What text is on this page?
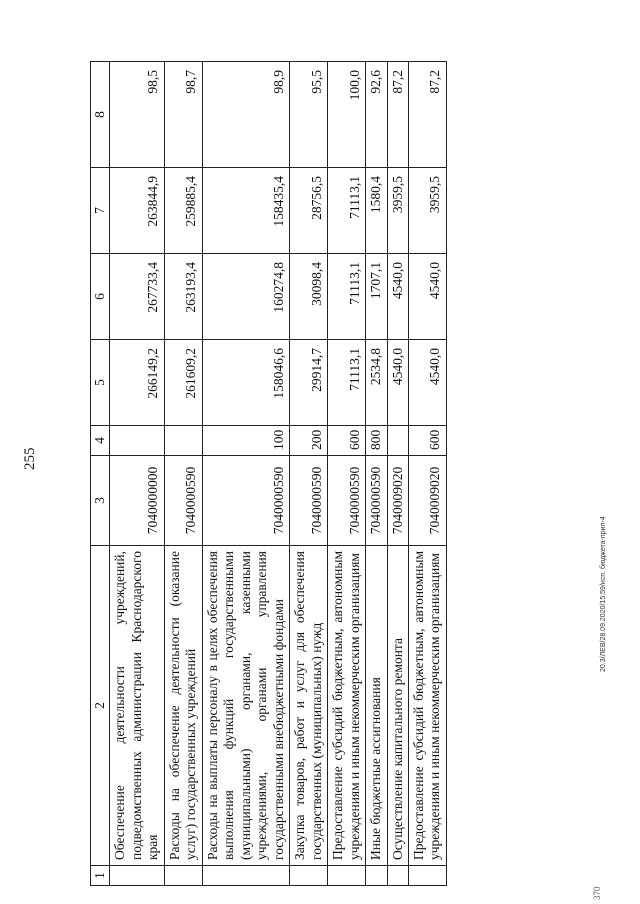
255
1	2	3	4	5	6	7	8
	Обеспечение деятельности учреждений, подведомственных администрации Краснодарского края	7040000000		266149,2	267733,4	263844,9	98,5
	Расходы на обеспечение деятельности (оказание услуг) государственных учреждений	7040000590		261609,2	263193,4	259885,4	98,7
	Расходы на выплаты персоналу в целях обеспечения выполнения функций государственными (муниципальными) органами, казенными учреждениями, органами управления государственными внебюджетными фондами	7040000590	100	158046,6	160274,8	158435,4	98,9
	Закупка товаров, работ и услуг для обеспечения государственных (муниципальных) нужд	7040000590	200	29914,7	30098,4	28756,5	95,5
	Предоставление субсидий бюджетным, автономным учреждениям и иным некоммерческим организациям	7040000590	600	71113,1	71113,1	71113,1	100,0
	Иные бюджетные ассигнования	7040000590	800	2534,8	1707,1	1580,4	92,6
	Осуществление капитального ремонта	7040009020		4540,0	4540,0	3959,5	87,2
	Предоставление субсидий бюджетным, автономным учреждениям и иным некоммерческим организациям	7040009020	600	4540,0	4540,0	3959,5	87,2
20.3/ЛЕВ/28.09.2020/15:59/исп. бюджета-прил-4
370
